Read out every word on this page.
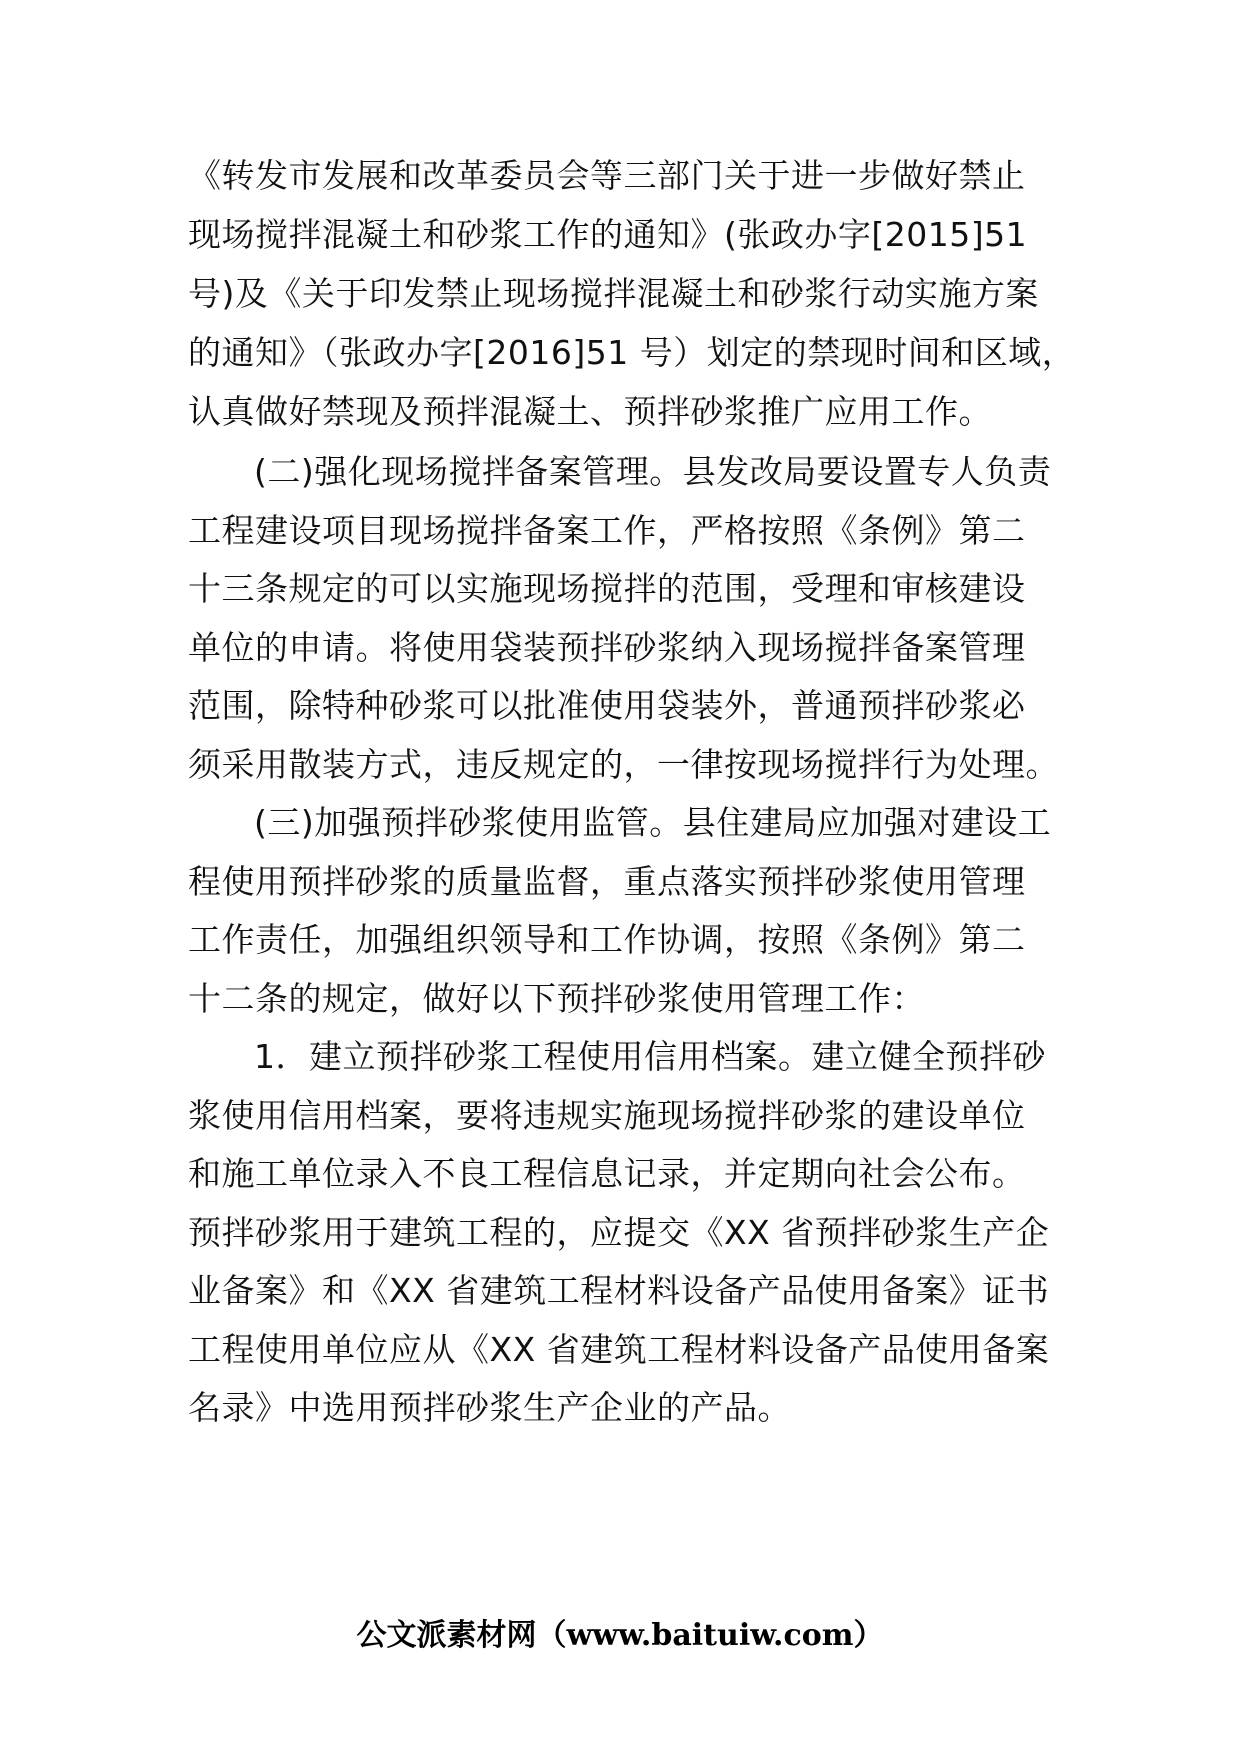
《转发市发展和改革委员会等三部门关于进一步做好禁止
现场搅拌混凝土和砂浆工作的通知》(张政办字[2015]51
号)及《关于印发禁止现场搅拌混凝土和砂浆行动实施方案
的通知》（张政办字[2016]51 号）划定的禁现时间和区域，
认真做好禁现及预拌混凝土、预拌砂浆推广应用工作。
(二)强化现场搅拌备案管理。县发改局要设置专人负责
工程建设项目现场搅拌备案工作，严格按照《条例》第二
十三条规定的可以实施现场搅拌的范围，受理和审核建设
单位的申请。将使用袋装预拌砂浆纳入现场搅拌备案管理
范围，除特种砂浆可以批准使用袋装外，普通预拌砂浆必
须采用散装方式，违反规定的，一律按现场搅拌行为处理。
(三)加强预拌砂浆使用监管。县住建局应加强对建设工
程使用预拌砂浆的质量监督，重点落实预拌砂浆使用管理
工作责任，加强组织领导和工作协调，按照《条例》第二
十二条的规定，做好以下预拌砂浆使用管理工作：
1．建立预拌砂浆工程使用信用档案。建立健全预拌砂
浆使用信用档案，要将违规实施现场搅拌砂浆的建设单位
和施工单位录入不良工程信息记录，并定期向社会公布。
预拌砂浆用于建筑工程的，应提交《XX 省预拌砂浆生产企
业备案》和《XX 省建筑工程材料设备产品使用备案》证书
工程使用单位应从《XX 省建筑工程材料设备产品使用备案
名录》中选用预拌砂浆生产企业的产品。
公文派素材网（www.baituiw.com）
